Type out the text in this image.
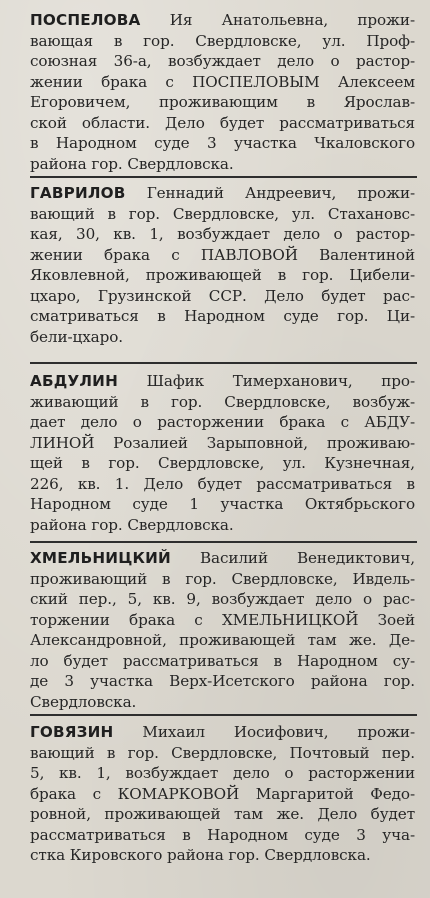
ПОСПЕЛОВА Ия Анатольевна, прожи-
вающая в гор. Свердловске, ул. Проф-
союзная 36-а, возбуждает дело о растор-
жении брака с ПОСПЕЛОВЫМ Алексеем
Егоровичем, проживающим в Ярослав-
ской области. Дело будет рассматриваться
в Народном суде 3 участка Чкаловского
района гор. Свердловска.

ГАВРИЛОВ Геннадий Андреевич, прожи-
вающий в гор. Свердловске, ул. Стахановс-
кая, 30, кв. 1, возбуждает дело о растор-
жении брака с ПАВЛОВОЙ Валентиной
Яковлевной, проживающей в гор. Цибели-
цхаро, Грузинской ССР. Дело будет рас-
сматриваться в Народном суде гор. Ци-
бели-цхаро.

АБДУЛИН Шафик Тимерханович, про-
живающий в гор. Свердловске, возбуж-
дает дело о расторжении брака с АБДУ-
ЛИНОЙ Розалией Зарыповной, проживаю-
щей в гор. Свердловске, ул. Кузнечная,
226, кв. 1. Дело будет рассматриваться в
Народном суде 1 участка Октябрьского
района гор. Свердловска.

ХМЕЛЬНИЦКИЙ Василий Венедиктович,
проживающий в гор. Свердловске, Ивдель-
ский пер., 5, кв. 9, возбуждает дело о рас-
торжении брака с ХМЕЛЬНИЦКОЙ Зоей
Александровной, проживающей там же. Де-
ло будет рассматриваться в Народном су-
де 3 участка Верх-Исетского района гор.
Свердловска.

ГОВЯЗИН Михаил Иосифович, прожи-
вающий в гор. Свердловске, Почтовый пер.
5, кв. 1, возбуждает дело о расторжении
брака с КОМАРКОВОЙ Маргаритой Федо-
ровной, проживающей там же. Дело будет
рассматриваться в Народном суде 3 уча-
стка Кировского района гор. Свердловска.
